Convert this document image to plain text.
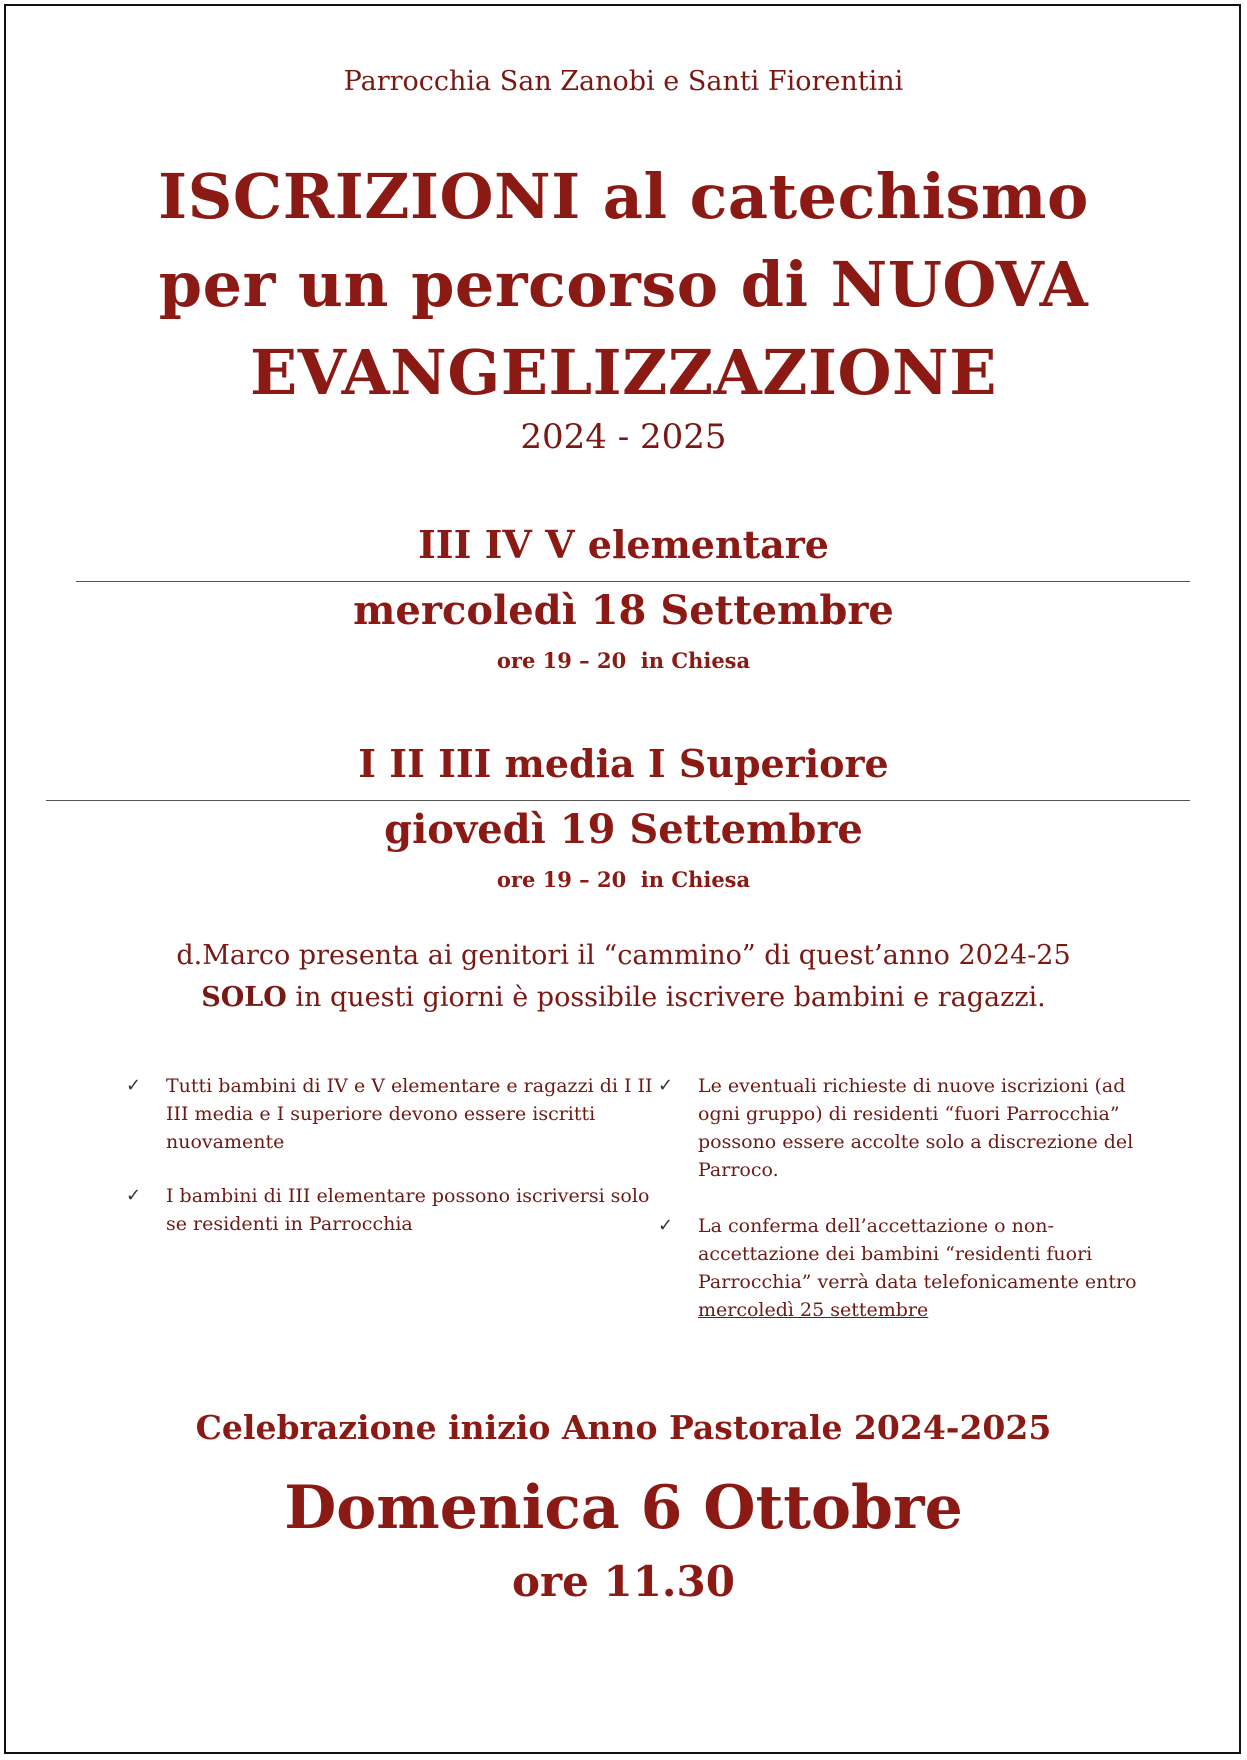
Parrocchia San Zanobi e Santi Fiorentini
ISCRIZIONI al catechismo
per un percorso di NUOVA
EVANGELIZZAZIONE
2024 - 2025
III IV V elementare
mercoledì 18 Settembre
ore 19 – 20  in Chiesa
I II III media I Superiore
giovedì 19 Settembre
ore 19 – 20  in Chiesa
d.Marco presenta ai genitori il “cammino” di quest’anno 2024-25
SOLO in questi giorni è possibile iscrivere bambini e ragazzi.
✓ Tutti bambini di IV e V elementare e ragazzi di I II III media e I superiore devono essere iscritti nuovamente
✓ I bambini di III elementare possono iscriversi solo se residenti in Parrocchia
✓ Le eventuali richieste di nuove iscrizioni (ad ogni gruppo) di residenti “fuori Parrocchia” possono essere accolte solo a discrezione del Parroco.
✓ La conferma dell’accettazione o non-accettazione dei bambini “residenti fuori Parrocchia” verrà data telefonicamente entro mercoledì 25 settembre
Celebrazione inizio Anno Pastorale 2024-2025
Domenica 6 Ottobre
ore 11.30
